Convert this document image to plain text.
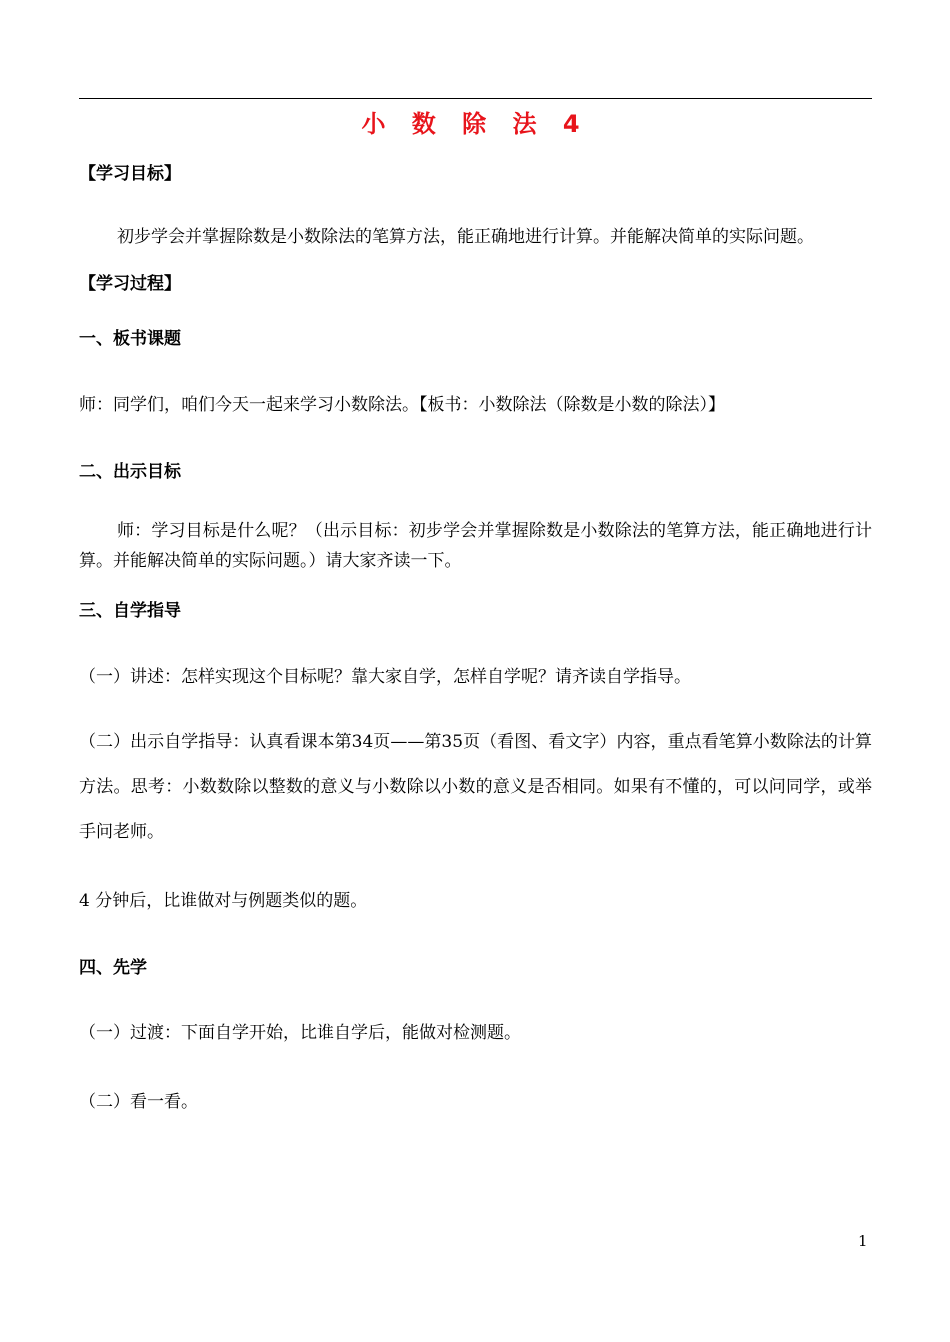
小 数 除 法 4
【学习目标】
初步学会并掌握除数是小数除法的笔算方法，能正确地进行计算。并能解决简单的实际问题。
【学习过程】
一、板书课题
师：同学们，咱们今天一起来学习小数除法。【板书：小数除法（除数是小数的除法）】
二、出示目标
师：学习目标是什么呢？（出示目标：初步学会并掌握除数是小数除法的笔算方法，能正确地进行计算。并能解决简单的实际问题。）请大家齐读一下。
三、自学指导
（一）讲述：怎样实现这个目标呢？靠大家自学，怎样自学呢？请齐读自学指导。
（二）出示自学指导：认真看课本第34页——第35页（看图、看文字）内容，重点看笔算小数除法的计算方法。思考：小数数除以整数的意义与小数除以小数的意义是否相同。如果有不懂的，可以问同学，或举手问老师。
4 分钟后，比谁做对与例题类似的题。
四、先学
（一）过渡：下面自学开始，比谁自学后，能做对检测题。
（二）看一看。
1
